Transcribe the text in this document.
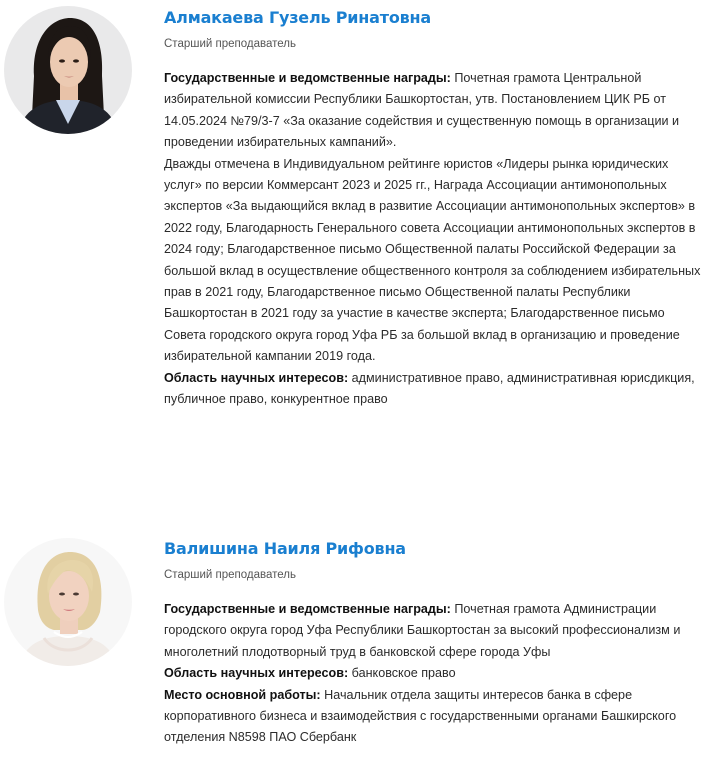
Алмакаева Гузель Ринатовна
Старший преподаватель

Государственные и ведомственные награды: Почетная грамота Центральной избирательной комиссии Республики Башкортостан, утв. Постановлением ЦИК РБ от 14.05.2024 №79/3-7 «За оказание содействия и существенную помощь в организации и проведении избирательных кампаний».

Дважды отмечена в Индивидуальном рейтинге юристов «Лидеры рынка юридических услуг» по версии Коммерсант 2023 и 2025 гг., Награда Ассоциации антимонопольных экспертов «За выдающийся вклад в развитие Ассоциации антимонопольных экспертов» в 2022 году, Благодарность Генерального совета Ассоциации антимонопольных экспертов в 2024 году; Благодарственное письмо Общественной палаты Российской Федерации за большой вклад в осуществление общественного контроля за соблюдением избирательных прав в 2021 году, Благодарственное письмо Общественной палаты Республики Башкортостан в 2021 году за участие в качестве эксперта; Благодарственное письмо Совета городского округа город Уфа РБ за большой вклад в организацию и проведение избирательной кампании 2019 года.

Область научных интересов: административное право, административная юрисдикция, публичное право, конкурентное право

Валишина Наиля Рифовна
Старший преподаватель

Государственные и ведомственные награды: Почетная грамота Администрации городского округа город Уфа Республики Башкортостан за высокий профессионализм и многолетний плодотворный труд в банковской сфере города Уфы

Область научных интересов: банковское право

Место основной работы: Начальник отдела защиты интересов банка в сфере корпоративного бизнеса и взаимодействия с государственными органами Башкирского отделения N8598 ПАО Сбербанк
